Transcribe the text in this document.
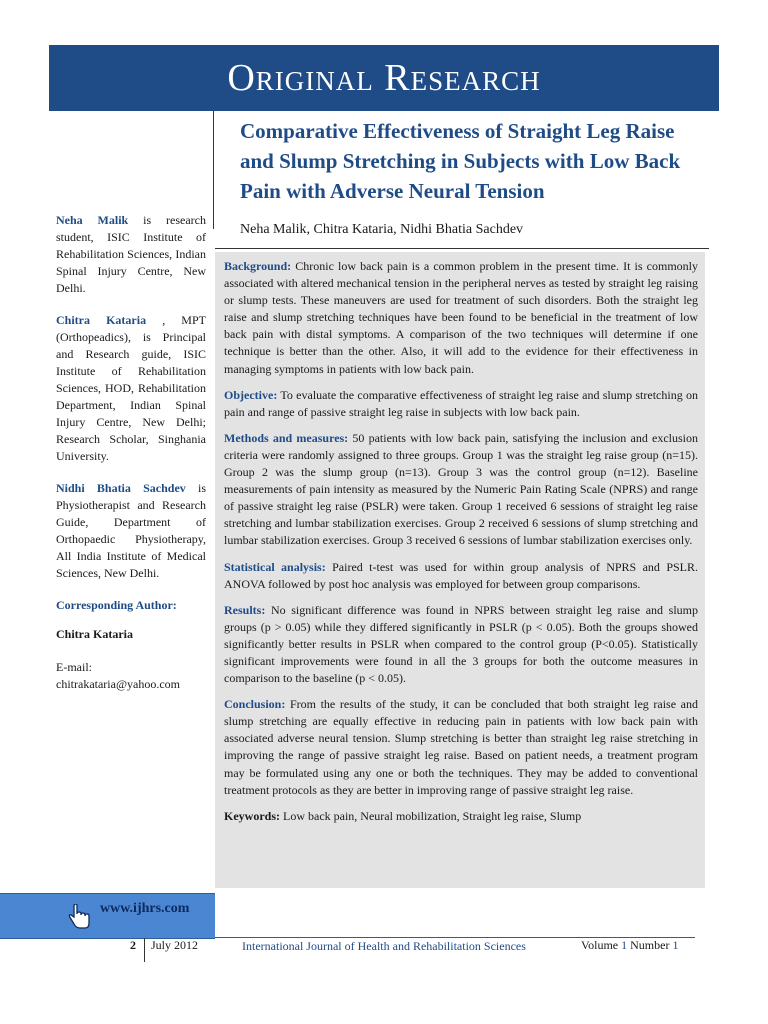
Original Research
Comparative Effectiveness of Straight Leg Raise and Slump Stretching in Subjects with Low Back Pain with Adverse Neural Tension
Neha Malik, Chitra Kataria, Nidhi Bhatia Sachdev

Neha Malik is research student, ISIC Institute of Rehabilitation Sciences, Indian Spinal Injury Centre, New Delhi.

Chitra Kataria , MPT (Orthopeadics), is Principal and Research guide, ISIC Institute of Rehabilitation Sciences, HOD, Rehabilitation Department, Indian Spinal Injury Centre, New Delhi; Research Scholar, Singhania University.

Nidhi Bhatia Sachdev is Physiotherapist and Research Guide, Department of Orthopaedic Physiotherapy, All India Institute of Medical Sciences, New Delhi.

Corresponding Author:

Chitra Kataria

E-mail:
chitrakataria@yahoo.com

Background: Chronic low back pain is a common problem in the present time. It is commonly associated with altered mechanical tension in the peripheral nerves as tested by straight leg raising or slump tests. These maneuvers are used for treatment of such disorders. Both the straight leg raise and slump stretching techniques have been found to be beneficial in the treatment of low back pain with distal symptoms. A comparison of the two techniques will determine if one technique is better than the other. Also, it will add to the evidence for their effectiveness in managing symptoms in patients with low back pain.

Objective: To evaluate the comparative effectiveness of straight leg raise and slump stretching on pain and range of passive straight leg raise in subjects with low back pain.

Methods and measures: 50 patients with low back pain, satisfying the inclusion and exclusion criteria were randomly assigned to three groups. Group 1 was the straight leg raise group (n=15). Group 2 was the slump group (n=13). Group 3 was the control group (n=12). Baseline measurements of pain intensity as measured by the Numeric Pain Rating Scale (NPRS) and range of passive straight leg raise (PSLR) were taken. Group 1 received 6 sessions of straight leg raise stretching and lumbar stabilization exercises. Group 2 received 6 sessions of slump stretching and lumbar stabilization exercises. Group 3 received 6 sessions of lumbar stabilization exercises only.

Statistical analysis: Paired t-test was used for within group analysis of NPRS and PSLR. ANOVA followed by post hoc analysis was employed for between group comparisons.

Results: No significant difference was found in NPRS between straight leg raise and slump groups (p > 0.05) while they differed significantly in PSLR (p < 0.05). Both the groups showed significantly better results in PSLR when compared to the control group (P<0.05). Statistically significant improvements were found in all the 3 groups for both the outcome measures in comparison to the baseline (p < 0.05).

Conclusion: From the results of the study, it can be concluded that both straight leg raise and slump stretching are equally effective in reducing pain in patients with low back pain with associated adverse neural tension. Slump stretching is better than straight leg raise stretching in improving the range of passive straight leg raise. Based on patient needs, a treatment program may be formulated using any one or both the techniques. They may be added to conventional treatment protocols as they are better in improving range of passive straight leg raise.

Keywords: Low back pain, Neural mobilization, Straight leg raise, Slump

www.ijhrs.com
2 July 2012	International Journal of Health and Rehabilitation Sciences	Volume 1 Number 1
